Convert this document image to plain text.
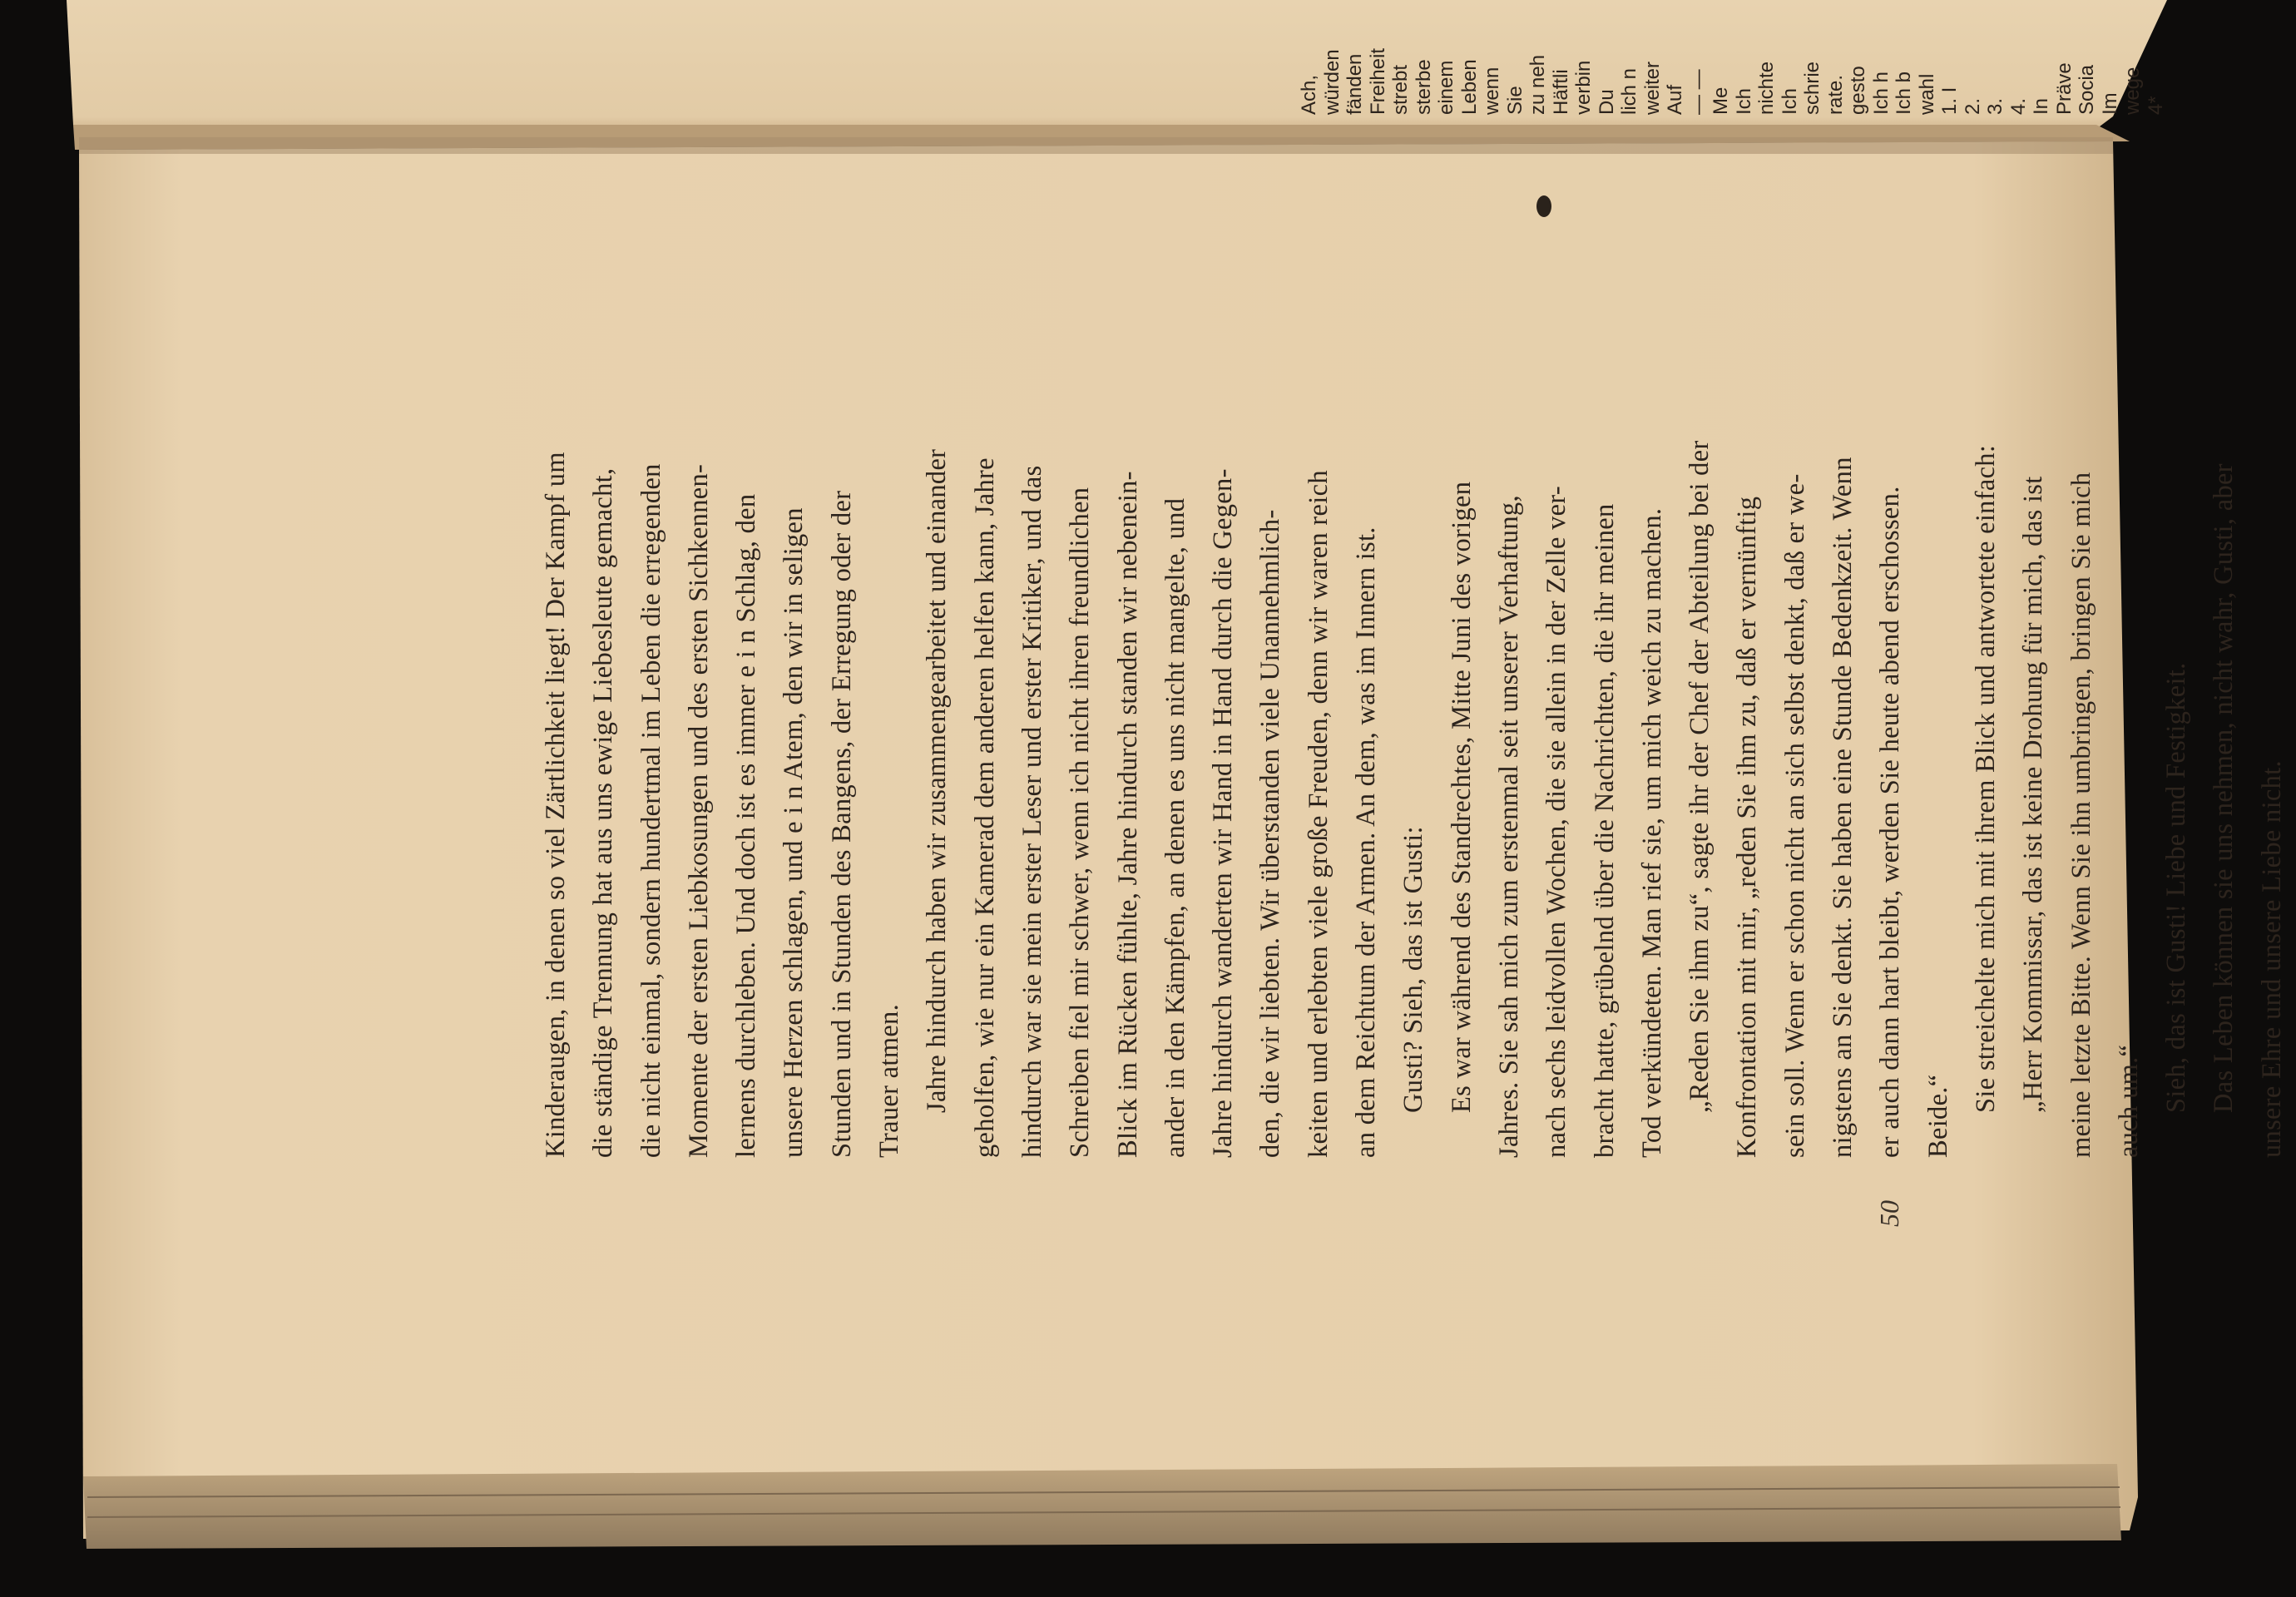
Kinderaugen, in denen so viel Zärtlichkeit liegt! Der Kampf um die ständige Trennung hat aus uns ewige Liebesleute gemacht, die nicht einmal, sondern hundertmal im Leben die erregenden Momente der ersten Liebkosungen und des ersten Sichkennen- lernens durchleben. Und doch ist es immer e i n Schlag, den unsere Herzen schlagen, und e i n Atem, den wir in seligen Stunden und in Stunden des Bangens, der Erregung oder der Trauer atmen. Jahre hindurch haben wir zusammengearbeitet und einander geholfen, wie nur ein Kamerad dem anderen helfen kann, Jahre hindurch war sie mein erster Leser und erster Kritiker, und das Schreiben fiel mir schwer, wenn ich nicht ihren freundlichen Blick im Rücken fühlte, Jahre hindurch standen wir nebenein- ander in den Kämpfen, an denen es uns nicht mangelte, und Jahre hindurch wanderten wir Hand in Hand durch die Gegen- den, die wir liebten. Wir überstanden viele Unannehmlich- keiten und erlebten viele große Freuden, denn wir waren reich an dem Reichtum der Armen. An dem, was im Innern ist. Gusti? Sieh, das ist Gusti: Es war während des Standrechtes, Mitte Juni des vorigen Jahres. Sie sah mich zum erstenmal seit unserer Verhaftung, nach sechs leidvollen Wochen, die sie allein in der Zelle ver- bracht hatte, grübelnd über die Nachrichten, die ihr meinen Tod verkündeten. Man rief sie, um mich weich zu machen. „Reden Sie ihm zu“, sagte ihr der Chef der Abteilung bei der Konfrontation mit mir, „reden Sie ihm zu, daß er vernünftig sein soll. Wenn er schon nicht an sich selbst denkt, daß er we- nigstens an Sie denkt. Sie haben eine Stunde Bedenkzeit. Wenn er auch dann hart bleibt, werden Sie heute abend erschossen. Beide.“
Sie streichelte mich mit ihrem Blick und antwortete einfach: „Herr Kommissar, das ist keine Drohung für mich, das ist meine letzte Bitte. Wenn Sie ihn umbringen, bringen Sie mich auch um.“ Sieh, das ist Gusti! Liebe und Festigkeit. Das Leben können sie uns nehmen, nicht wahr, Gusti, aber unsere Ehre und unsere Liebe nicht.
50
Ach, würden fänden Freiheit strebt sterbe einem Leben wenn Sie zu neh Häftli verbin Du lich n weiter Auf — — Me Ich nichte Ich schrie rate. gesto Ich h Ich b wahl 1. I 2. 3. 4. In Präve Socia Im wege 4*
